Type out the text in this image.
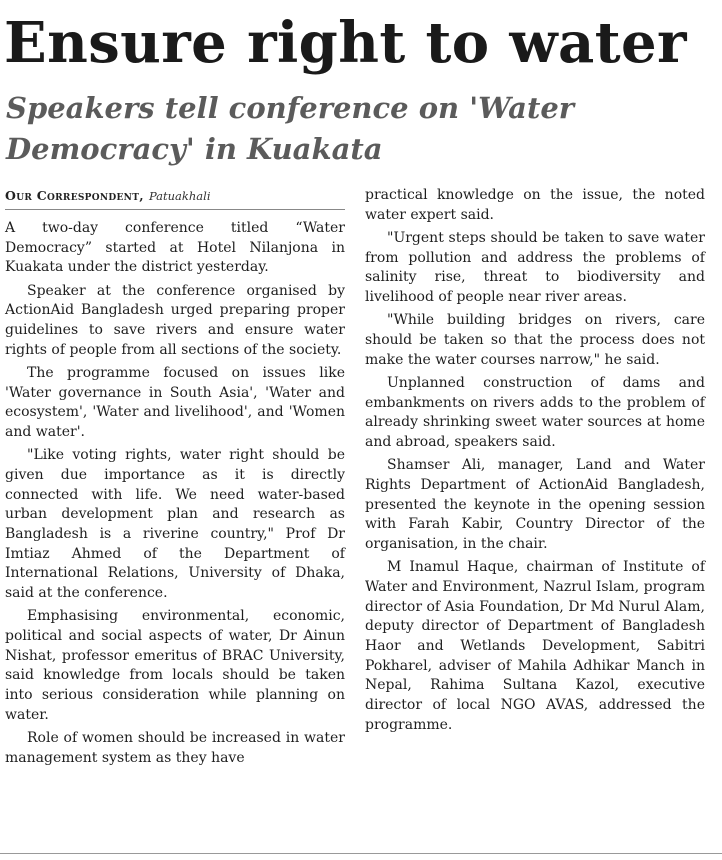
Ensure right to water
Speakers tell conference on 'Water Democracy' in Kuakata
Our Correspondent, Patuakhali

A two-day conference titled “Water Democracy” started at Hotel Nilanjona in Kuakata under the district yesterday.

Speaker at the conference organised by ActionAid Bangladesh urged preparing proper guidelines to save rivers and ensure water rights of people from all sections of the society.

The programme focused on issues like 'Water governance in South Asia', 'Water and ecosystem', 'Water and livelihood', and 'Women and water'.

"Like voting rights, water right should be given due importance as it is directly connected with life. We need water-based urban development plan and research as Bangladesh is a riverine country," Prof Dr Imtiaz Ahmed of the Department of International Relations, University of Dhaka, said at the conference.

Emphasising environmental, economic, political and social aspects of water, Dr Ainun Nishat, professor emeritus of BRAC University, said knowledge from locals should be taken into serious consideration while planning on water.

Role of women should be increased in water management system as they have

practical knowledge on the issue, the noted water expert said.

"Urgent steps should be taken to save water from pollution and address the problems of salinity rise, threat to biodiversity and livelihood of people near river areas.

"While building bridges on rivers, care should be taken so that the process does not make the water courses narrow," he said.

Unplanned construction of dams and embankments on rivers adds to the problem of already shrinking sweet water sources at home and abroad, speakers said.

Shamser Ali, manager, Land and Water Rights Department of ActionAid Bangladesh, presented the keynote in the opening session with Farah Kabir, Country Director of the organisation, in the chair.

M Inamul Haque, chairman of Institute of Water and Environment, Nazrul Islam, program director of Asia Foundation, Dr Md Nurul Alam, deputy director of Department of Bangladesh Haor and Wetlands Development, Sabitri Pokharel, adviser of Mahila Adhikar Manch in Nepal, Rahima Sultana Kazol, executive director of local NGO AVAS, addressed the programme.
